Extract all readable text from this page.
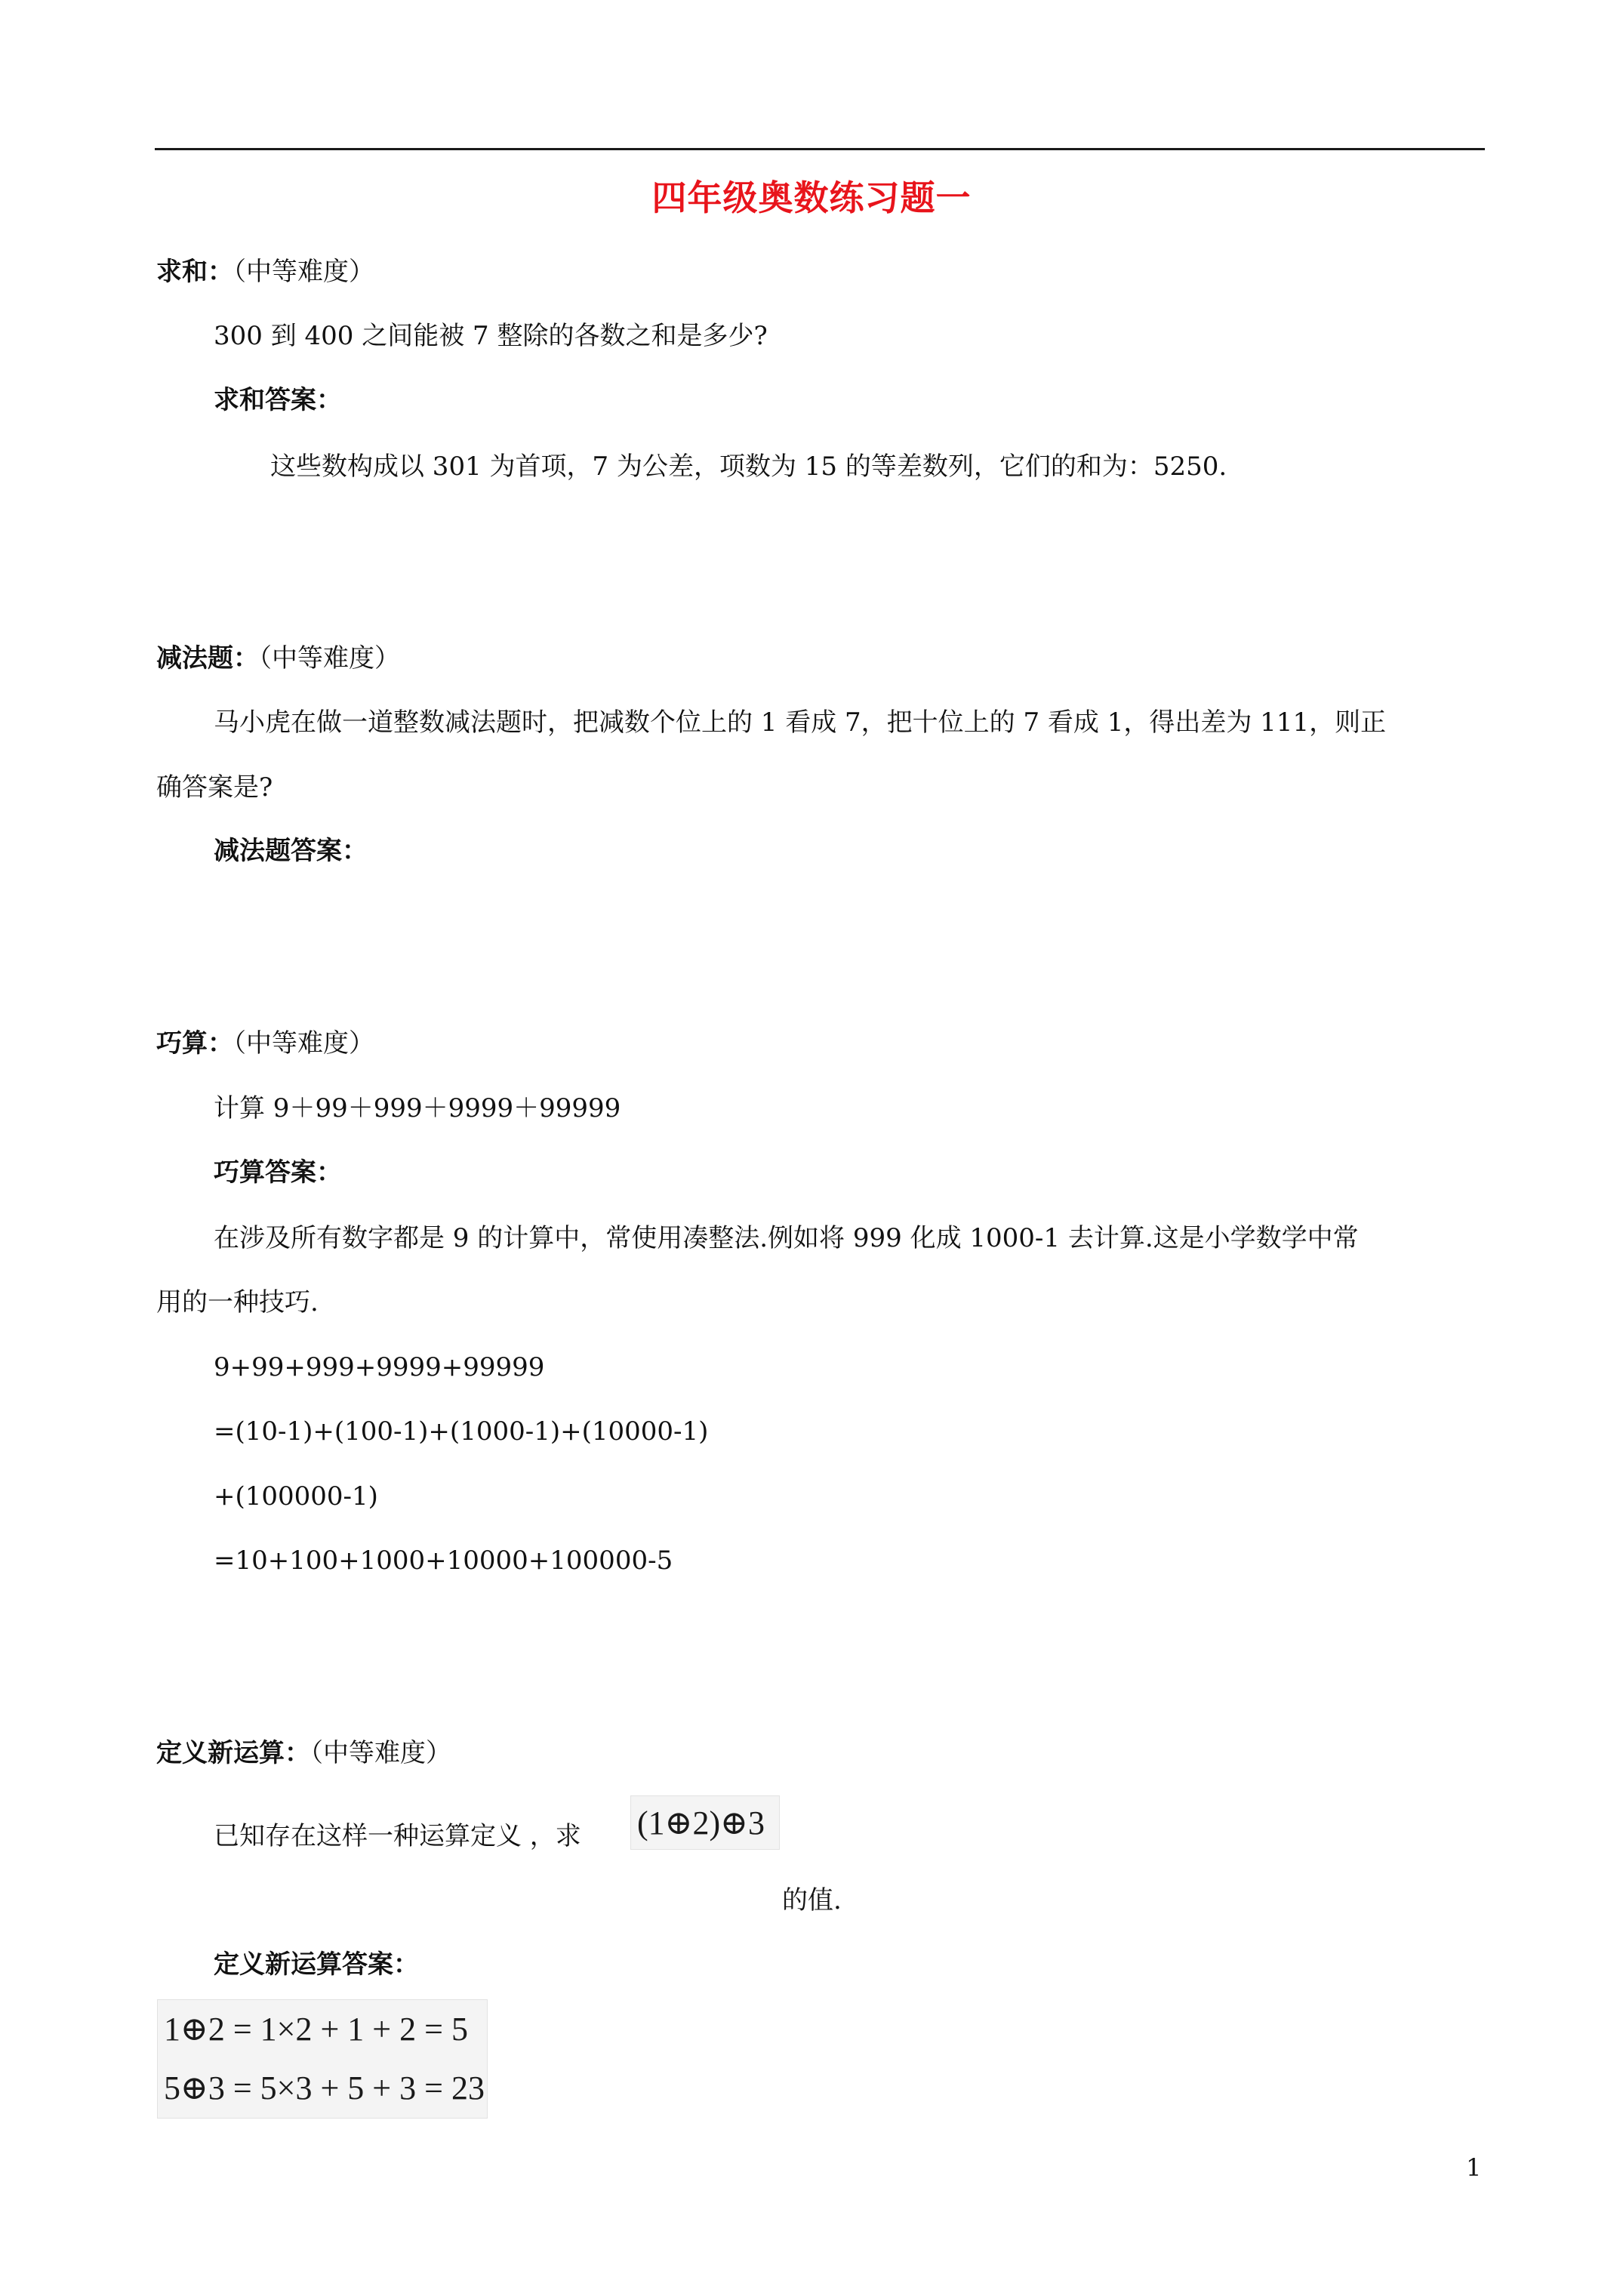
四年级奥数练习题一
求和：（中等难度）
300 到 400 之间能被 7 整除的各数之和是多少?
求和答案：
这些数构成以 301 为首项，7 为公差，项数为 15 的等差数列，它们的和为：5250.
减法题：（中等难度）
马小虎在做一道整数减法题时，把减数个位上的 1 看成 7，把十位上的 7 看成 1，得出差为 111，则正
确答案是?
减法题答案：
巧算：（中等难度）
计算 9＋99＋999＋9999＋99999
巧算答案：
在涉及所有数字都是 9 的计算中，常使用凑整法.例如将 999 化成 1000-1 去计算.这是小学数学中常
用的一种技巧.
9+99+999+9999+99999
=(10-1)+(100-1)+(1000-1)+(10000-1)
+(100000-1)
=10+100+1000+10000+100000-5
定义新运算：（中等难度）
已知存在这样一种运算定义 ，求 (1⊕2)⊕3
的值.
定义新运算答案：
1⊕2 = 1×2 + 1 + 2 = 5
5⊕3 = 5×3 + 5 + 3 = 23
1
